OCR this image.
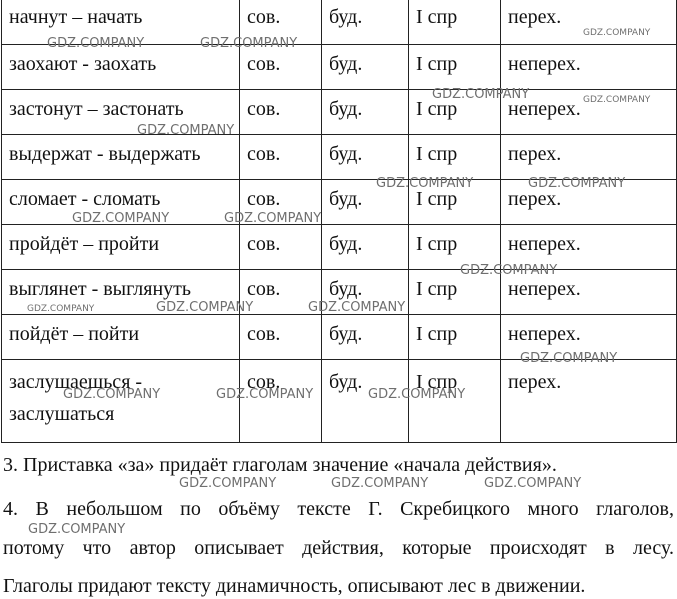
начнут – начать	сов.	буд.	I спр	перех.
заохают - заохать	сов.	буд.	I спр	неперех.
застонут – застонать	сов.	буд.	I спр	неперех.
выдержат - выдержать	сов.	буд.	I спр	перех.
сломает - сломать	сов.	буд.	I спр	перех.
пройдёт – пройти	сов.	буд.	I спр	неперех.
выглянет - выглянуть	сов.	буд.	I спр	неперех.
пойдёт – пойти	сов.	буд.	I спр	неперех.
заслушаешься -
заслушаться	сов.	буд.	I спр	перех.

3. Приставка «за» придаёт глаголам значение «начала действия».

4. В небольшом по объёму тексте Г. Скребицкого много глаголов,

потому что автор описывает действия, которые происходят в лесу.

Глаголы придают тексту динамичность, описывают лес в движении.

GDZ.COMPANY	GDZ.COMPANY
GDZ.COMPANY
GDZ.COMPANY	GDZ.COMPANY
GDZ.COMPANY
GDZ.COMPANY	GDZ.COMPANY
GDZ.COMPANY	GDZ.COMPANY
GDZ.COMPANY
GDZ.COMPANY	GDZ.COMPANY	GDZ.COMPANY
GDZ.COMPANY
GDZ.COMPANY	GDZ.COMPANY	GDZ.COMPANY
GDZ.COMPANY	GDZ.COMPANY	GDZ.COMPANY
GDZ.COMPANY
